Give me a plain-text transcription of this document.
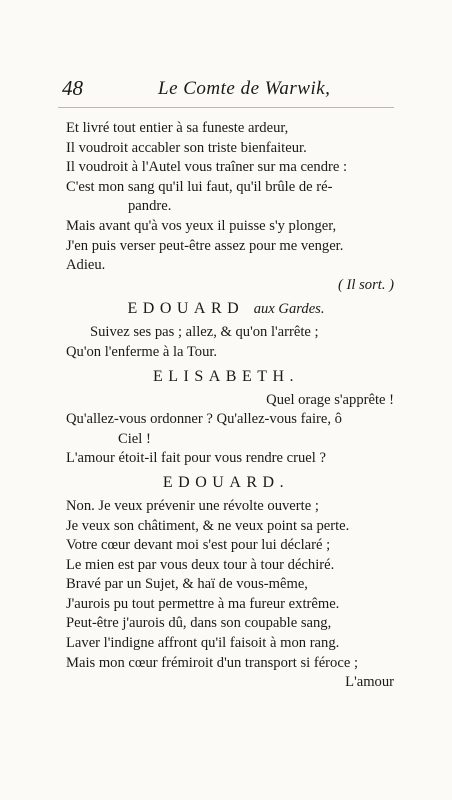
48	Le Comte de Warwik,
Et livré tout entier à sa funeste ardeur,
Il voudroit accabler son triste bienfaiteur.
Il voudroit à l'Autel vous traîner sur ma cendre :
C'est mon sang qu'il lui faut, qu'il brûle de ré-
pandre.
Mais avant qu'à vos yeux il puisse s'y plonger,
J'en puis verser peut-être assez pour me venger.
Adieu.
( Il sort. )
EDOUARD aux Gardes.
Suivez ses pas ; allez, & qu'on l'arrête ;
Qu'on l'enferme à la Tour.
ELISABETH.
Quel orage s'apprête !
Qu'allez-vous ordonner ? Qu'allez-vous faire, ô
Ciel !
L'amour étoit-il fait pour vous rendre cruel ?
EDOUARD.
Non. Je veux prévenir une révolte ouverte ;
Je veux son châtiment, & ne veux point sa perte.
Votre cœur devant moi s'est pour lui déclaré ;
Le mien est par vous deux tour à tour déchiré.
Bravé par un Sujet, & haï de vous-même,
J'aurois pu tout permettre à ma fureur extrême.
Peut-être j'aurois dû, dans son coupable sang,
Laver l'indigne affront qu'il faisoit à mon rang.
Mais mon cœur frémiroit d'un transport si féroce ;
L'amour
